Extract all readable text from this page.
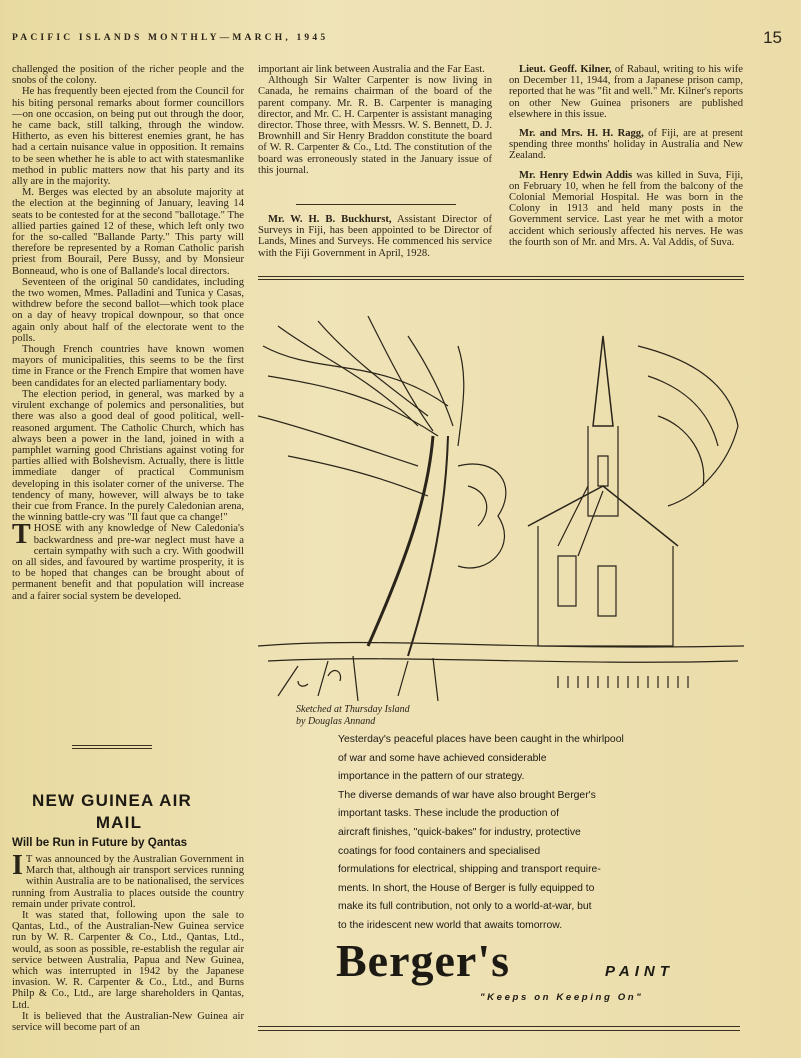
PACIFIC ISLANDS MONTHLY—MARCH, 1945	15

challenged the position of the richer people and the snobs of the colony.

He has frequently been ejected from the Council for his biting personal remarks about former councillors—on one occasion, on being put out through the door, he came back, still talking, through the window. Hitherto, as even his bitterest enemies grant, he has had a certain nuisance value in opposition. It remains to be seen whether he is able to act with statesmanlike method in public matters now that his party and its ally are in the majority.

M. Berges was elected by an absolute majority at the election at the beginning of January, leaving 14 seats to be contested for at the second "ballotage." The allied parties gained 12 of these, which left only two for the so-called "Ballande Party." This party will therefore be represented by a Roman Catholic parish priest from Bourail, Pere Bussy, and by Monsieur Bonneaud, who is one of Ballande's local directors.

Seventeen of the original 50 candidates, including the two women, Mmes. Palladini and Tunica y Casas, withdrew before the second ballot—which took place on a day of heavy tropical downpour, so that once again only about half of the electorate went to the polls.

Though French countries have known women mayors of municipalities, this seems to be the first time in France or the French Empire that women have been candidates for an elected parliamentary body.

The election period, in general, was marked by a virulent exchange of polemics and personalities, but there was also a good deal of good political, well-reasoned argument. The Catholic Church, which has always been a power in the land, joined in with a pamphlet warning good Christians against voting for parties allied with Bolshevism. Actually, there is little immediate danger of practical Communism developing in this isolater corner of the universe. The tendency of many, however, will always be to take their cue from France. In the purely Caledonian arena, the winning battle-cry was "Il faut que ca change!"

THOSE with any knowledge of New Caledonia's backwardness and pre-war neglect must have a certain sympathy with such a cry. With goodwill on all sides, and favoured by wartime prosperity, it is to be hoped that changes can be brought about of permanent benefit and that population will increase and a fairer social system be developed.

NEW GUINEA AIR
MAIL
Will be Run in Future by Qantas

I T was announced by the Australian Government in March that, although air transport services running within Australia are to be nationalised, the services running from Australia to places outside the country remain under private control.

It was stated that, following upon the sale to Qantas, Ltd., of the Australian-New Guinea service run by W. R. Carpenter & Co., Ltd., Qantas, Ltd., would, as soon as possible, re-establish the regular air service between Australia, Papua and New Guinea, which was interrupted in 1942 by the Japanese invasion. W. R. Carpenter & Co., Ltd., and Burns Philp & Co., Ltd., are large shareholders in Qantas, Ltd.

It is believed that the Australian-New Guinea air service will become part of an

important air link between Australia and the Far East.

Although Sir Walter Carpenter is now living in Canada, he remains chairman of the board of the parent company. Mr. R. B. Carpenter is managing director, and Mr. C. H. Carpenter is assistant managing director. Those three, with Messrs. W. S. Bennett, D. J. Brownhill and Sir Henry Braddon constitute the board of W. R. Carpenter & Co., Ltd. The constitution of the board was erroneously stated in the January issue of this journal.

Mr. W. H. B. Buckhurst, Assistant Director of Surveys in Fiji, has been appointed to be Director of Lands, Mines and Surveys. He commenced his service with the Fiji Government in April, 1928.

Lieut. Geoff. Kilner, of Rabaul, writing to his wife on December 11, 1944, from a Japanese prison camp, reported that he was "fit and well." Mr. Kilner's reports on other New Guinea prisoners are published elsewhere in this issue.

Mr. and Mrs. H. H. Ragg, of Fiji, are at present spending three months' holiday in Australia and New Zealand.

Mr. Henry Edwin Addis was killed in Suva, Fiji, on February 10, when he fell from the balcony of the Colonial Memorial Hospital. He was born in the Colony in 1913 and held many posts in the Government service. Last year he met with a motor accident which seriously affected his nerves. He was the fourth son of Mr. and Mrs. A. Val Addis, of Suva.

Sketched at Thursday Island
by Douglas Annand
Yesterday's peaceful places have been caught in the whirlpool
of war and some have achieved considerable
importance in the pattern of our strategy.
The diverse demands of war have also brought Berger's
important tasks. These include the production of
aircraft finishes, "quick-bakes" for industry, protective
coatings for food containers and specialised
formulations for electrical, shipping and transport require-
ments. In short, the House of Berger is fully equipped to
make its full contribution, not only to a world-at-war, but
to the iridescent new world that awaits tomorrow.
Berger's	PAINT
"Keeps on Keeping On"
